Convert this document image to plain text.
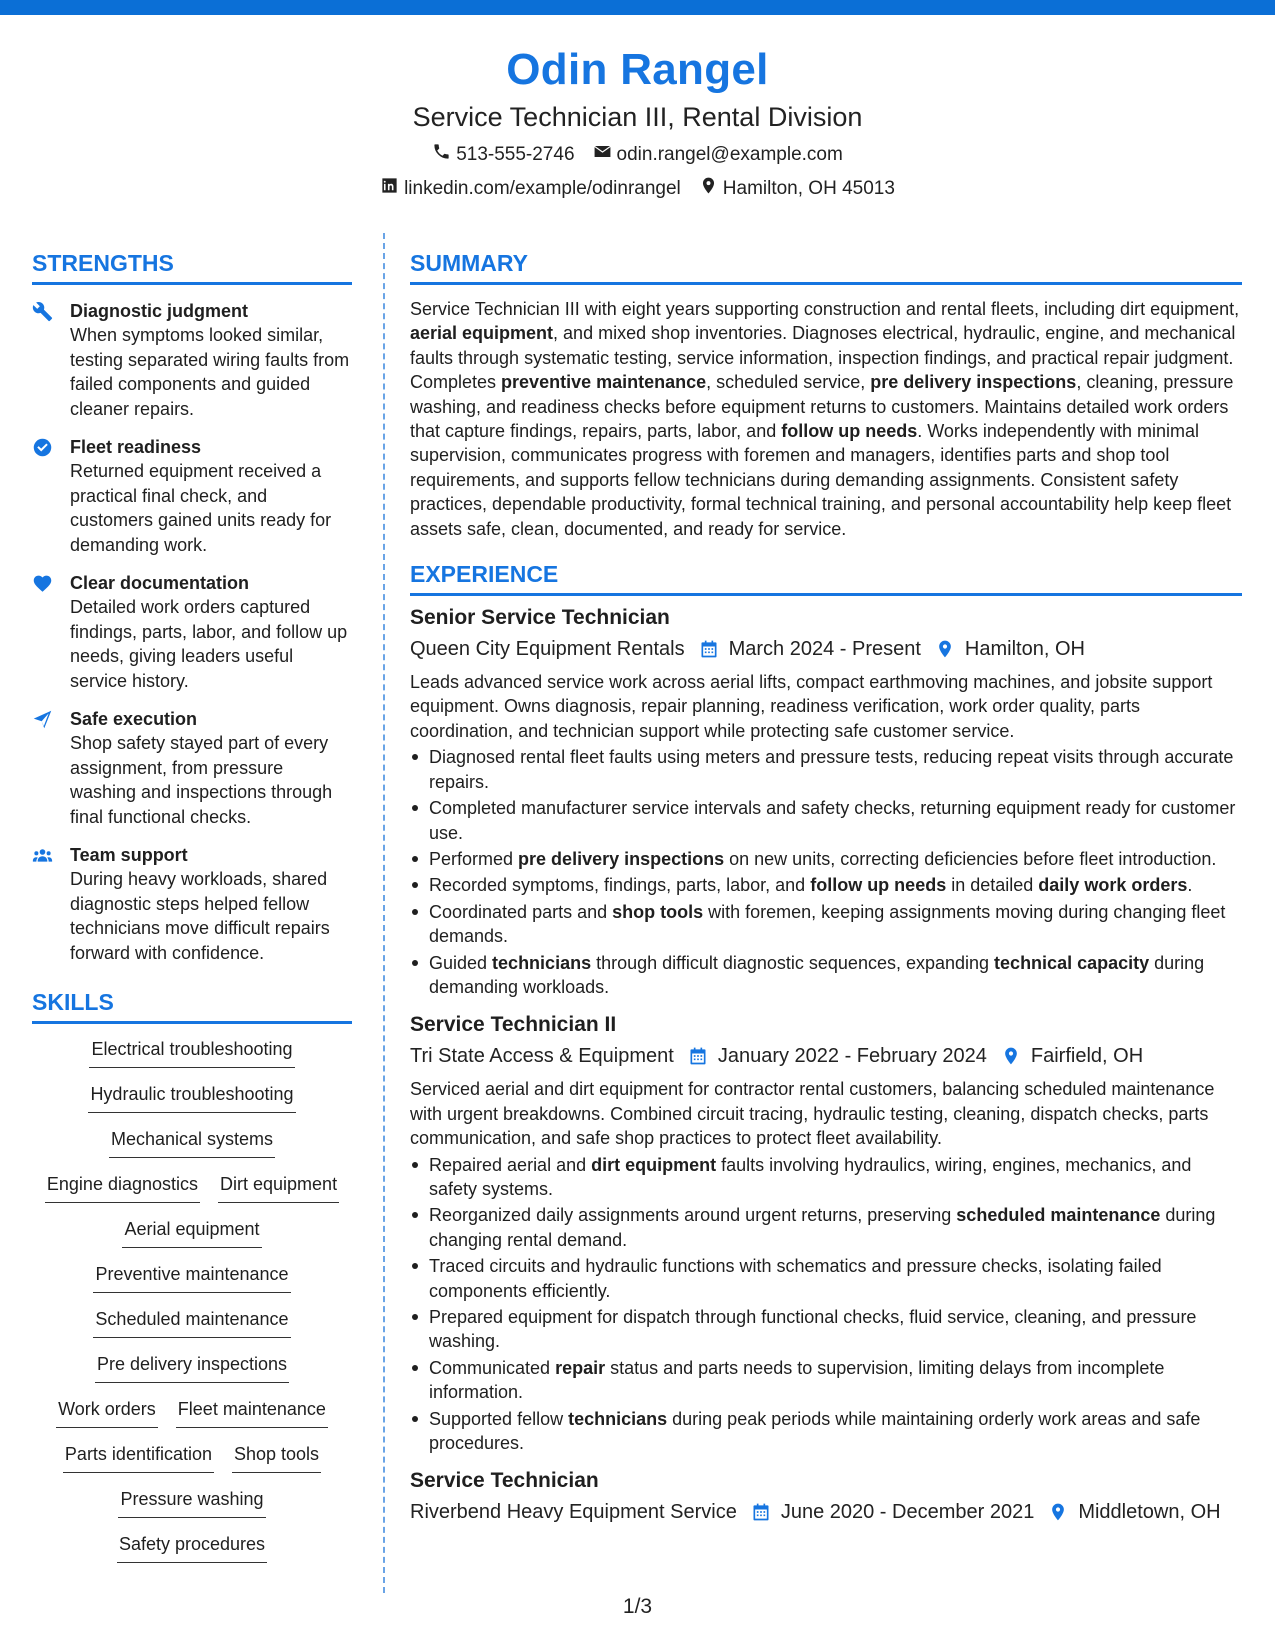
Odin Rangel
Service Technician III, Rental Division
513-555-2746 odin.rangel@example.com
linkedin.com/example/odinrangel Hamilton, OH 45013
STRENGTHS
Diagnostic judgment
When symptoms looked similar, testing separated wiring faults from failed components and guided cleaner repairs.
Fleet readiness
Returned equipment received a practical final check, and customers gained units ready for demanding work.
Clear documentation
Detailed work orders captured findings, parts, labor, and follow up needs, giving leaders useful service history.
Safe execution
Shop safety stayed part of every assignment, from pressure washing and inspections through final functional checks.
Team support
During heavy workloads, shared diagnostic steps helped fellow technicians move difficult repairs forward with confidence.
SKILLS
Electrical troubleshooting
Hydraulic troubleshooting
Mechanical systems
Engine diagnostics Dirt equipment
Aerial equipment
Preventive maintenance
Scheduled maintenance
Pre delivery inspections
Work orders Fleet maintenance
Parts identification Shop tools
Pressure washing
Safety procedures
SUMMARY
Service Technician III with eight years supporting construction and rental fleets, including dirt equipment, aerial equipment, and mixed shop inventories. Diagnoses electrical, hydraulic, engine, and mechanical faults through systematic testing, service information, inspection findings, and practical repair judgment. Completes preventive maintenance, scheduled service, pre delivery inspections, cleaning, pressure washing, and readiness checks before equipment returns to customers. Maintains detailed work orders that capture findings, repairs, parts, labor, and follow up needs. Works independently with minimal supervision, communicates progress with foremen and managers, identifies parts and shop tool requirements, and supports fellow technicians during demanding assignments. Consistent safety practices, dependable productivity, formal technical training, and personal accountability help keep fleet assets safe, clean, documented, and ready for service.
EXPERIENCE
Senior Service Technician
Queen City Equipment Rentals March 2024 - Present Hamilton, OH
Leads advanced service work across aerial lifts, compact earthmoving machines, and jobsite support equipment. Owns diagnosis, repair planning, readiness verification, work order quality, parts coordination, and technician support while protecting safe customer service.
Diagnosed rental fleet faults using meters and pressure tests, reducing repeat visits through accurate repairs.
Completed manufacturer service intervals and safety checks, returning equipment ready for customer use.
Performed pre delivery inspections on new units, correcting deficiencies before fleet introduction.
Recorded symptoms, findings, parts, labor, and follow up needs in detailed daily work orders.
Coordinated parts and shop tools with foremen, keeping assignments moving during changing fleet demands.
Guided technicians through difficult diagnostic sequences, expanding technical capacity during demanding workloads.
Service Technician II
Tri State Access & Equipment January 2022 - February 2024 Fairfield, OH
Serviced aerial and dirt equipment for contractor rental customers, balancing scheduled maintenance with urgent breakdowns. Combined circuit tracing, hydraulic testing, cleaning, dispatch checks, parts communication, and safe shop practices to protect fleet availability.
Repaired aerial and dirt equipment faults involving hydraulics, wiring, engines, mechanics, and safety systems.
Reorganized daily assignments around urgent returns, preserving scheduled maintenance during changing rental demand.
Traced circuits and hydraulic functions with schematics and pressure checks, isolating failed components efficiently.
Prepared equipment for dispatch through functional checks, fluid service, cleaning, and pressure washing.
Communicated repair status and parts needs to supervision, limiting delays from incomplete information.
Supported fellow technicians during peak periods while maintaining orderly work areas and safe procedures.
Service Technician
Riverbend Heavy Equipment Service June 2020 - December 2021 Middletown, OH
1/3
